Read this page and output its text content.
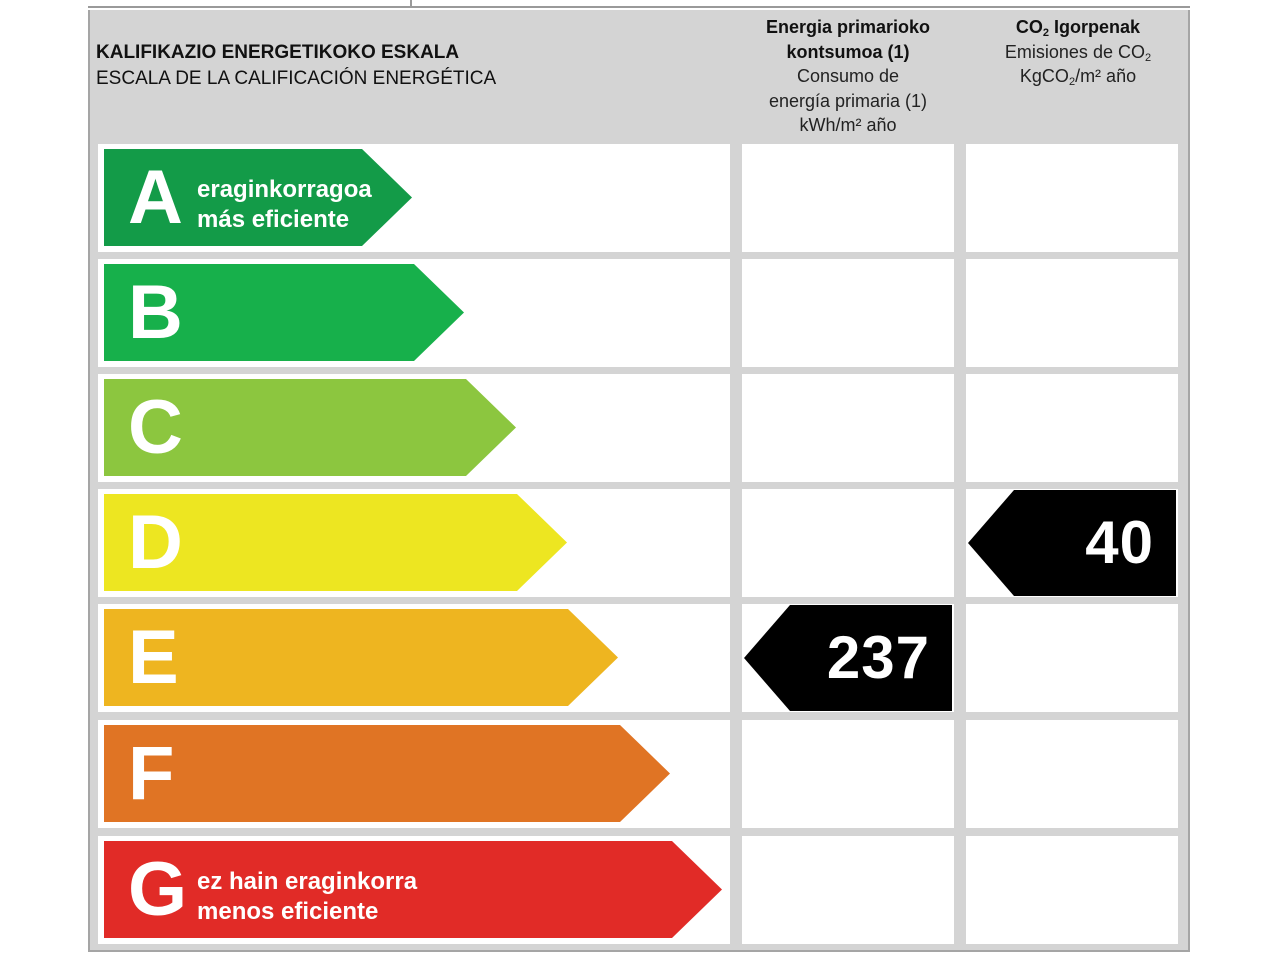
KALIFIKAZIO ENERGETIKOKO ESKALA
ESCALA DE LA CALIFICACIÓN ENERGÉTICA
Energia primarioko
kontsumoa (1)
Consumo de
energía primaria (1)
kWh/m² año
$CO_2$ Igorpenak
Emisiones de $CO_2$
KgCO$_2$/m² año
A eraginkorragoa
más eficiente
B
C
D
E
F
G ez hain eraginkorra
menos eficiente
237
40
